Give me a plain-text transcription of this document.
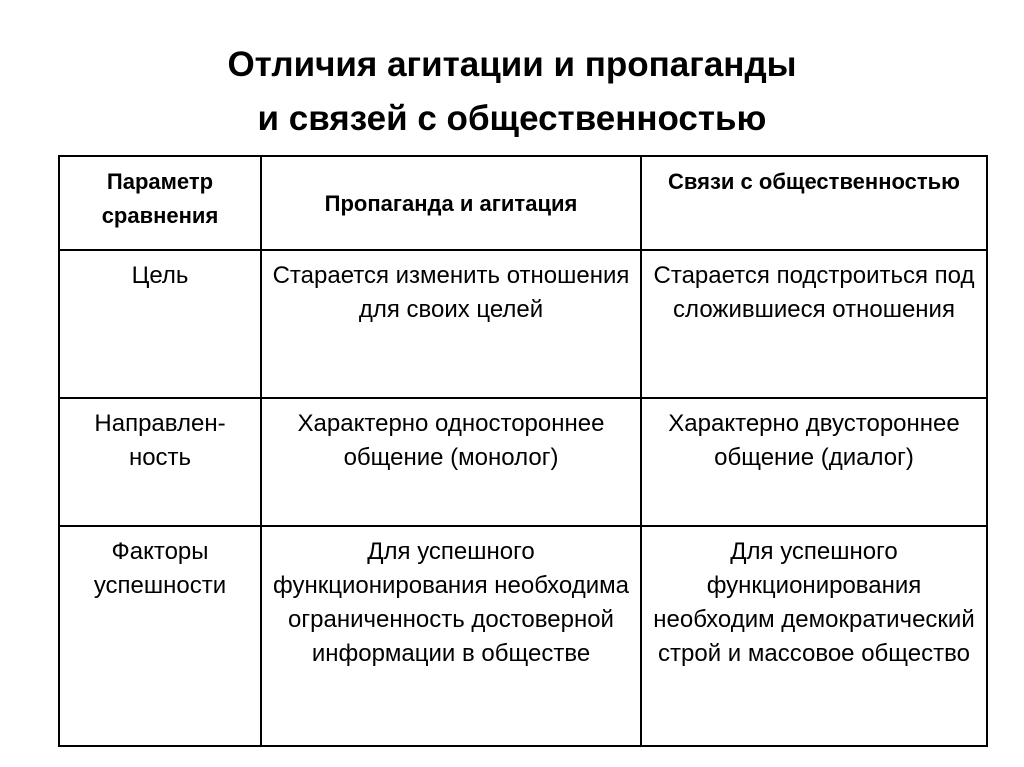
Отличия агитации и пропаганды
и связей с общественностью
Параметр сравнения	Пропаганда и агитация	Связи с общественностью
Цель	Старается изменить отношения для своих целей	Старается подстроиться под сложившиеся отношения
Направлен-ность	Характерно одностороннее общение (монолог)	Характерно двустороннее общение (диалог)
Факторы успешности	Для успешного функционирования необходима ограниченность достоверной информации в обществе	Для успешного функционирования необходим демократический строй и массовое общество
